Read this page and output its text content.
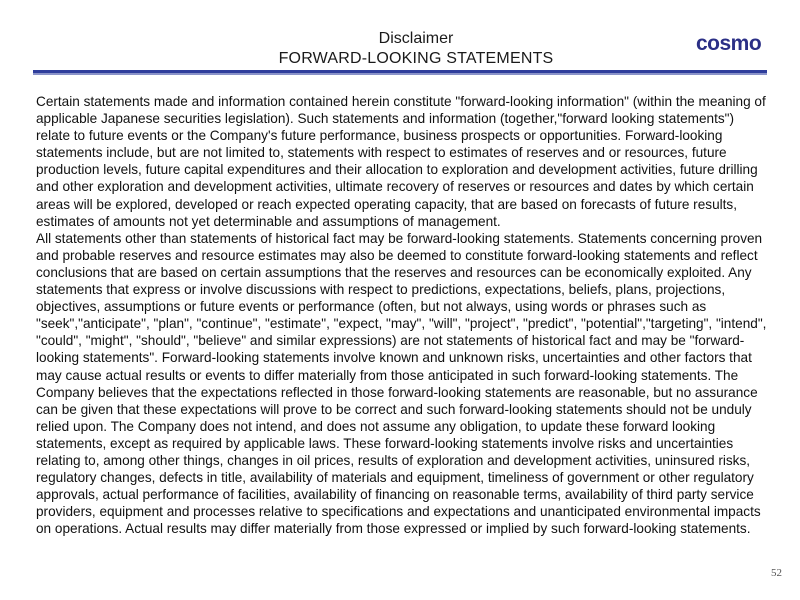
Disclaimer
FORWARD-LOOKING STATEMENTS
cosmo

Certain statements made and information contained herein constitute "forward-looking information" (within the meaning of applicable Japanese securities legislation). Such statements and information (together,"forward looking statements") relate to future events or the Company's future performance, business prospects or opportunities. Forward-looking statements include, but are not limited to, statements with respect to estimates of reserves and or resources, future production levels, future capital expenditures and their allocation to exploration and development activities, future drilling and other exploration and development activities, ultimate recovery of reserves or resources and dates by which certain areas will be explored, developed or reach expected operating capacity, that are based on forecasts of future results, estimates of amounts not yet determinable and assumptions of management.

All statements other than statements of historical fact may be forward-looking statements. Statements concerning proven and probable reserves and resource estimates may also be deemed to constitute forward-looking statements and reflect conclusions that are based on certain assumptions that the reserves and resources can be economically exploited. Any statements that express or involve discussions with respect to predictions, expectations, beliefs, plans, projections, objectives, assumptions or future events or performance (often, but not always, using words or phrases such as "seek","anticipate", "plan", "continue", "estimate", "expect, "may", "will", "project", "predict", "potential","targeting", "intend", "could", "might", "should", "believe" and similar expressions) are not statements of historical fact and may be "forward-looking statements". Forward-looking statements involve known and unknown risks, uncertainties and other factors that may cause actual results or events to differ materially from those anticipated in such forward-looking statements. The Company believes that the expectations reflected in those forward-looking statements are reasonable, but no assurance can be given that these expectations will prove to be correct and such forward-looking statements should not be unduly relied upon. The Company does not intend, and does not assume any obligation, to update these forward looking statements, except as required by applicable laws. These forward-looking statements involve risks and uncertainties relating to, among other things, changes in oil prices, results of exploration and development activities, uninsured risks, regulatory changes, defects in title, availability of materials and equipment, timeliness of government or other regulatory approvals, actual performance of facilities, availability of financing on reasonable terms, availability of third party service providers, equipment and processes relative to specifications and expectations and unanticipated environmental impacts on operations. Actual results may differ materially from those expressed or implied by such forward-looking statements.

52
